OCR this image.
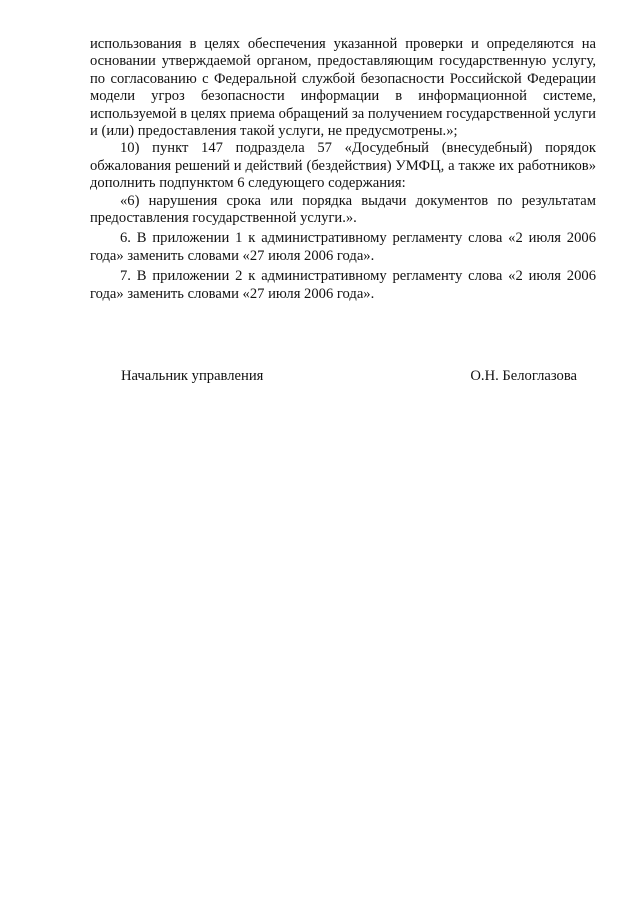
использования в целях обеспечения указанной проверки и определяются на основании утверждаемой органом, предоставляющим государственную услугу, по согласованию с Федеральной службой безопасности Российской Федерации модели угроз безопасности информации в информационной системе, используемой в целях приема обращений за получением государственной услуги и (или) предоставления такой услуги, не предусмотрены.»;

10) пункт 147 подраздела 57 «Досудебный (внесудебный) порядок обжалования решений и действий (бездействия) УМФЦ, а также их работников» дополнить подпунктом 6 следующего содержания:

«6) нарушения срока или порядка выдачи документов по результатам предоставления государственной услуги.».

6. В приложении 1 к административному регламенту слова «2 июля 2006 года» заменить словами «27 июля 2006 года».

7. В приложении 2 к административному регламенту слова «2 июля 2006 года» заменить словами «27 июля 2006 года».

Начальник управления	О.Н. Белоглазова
